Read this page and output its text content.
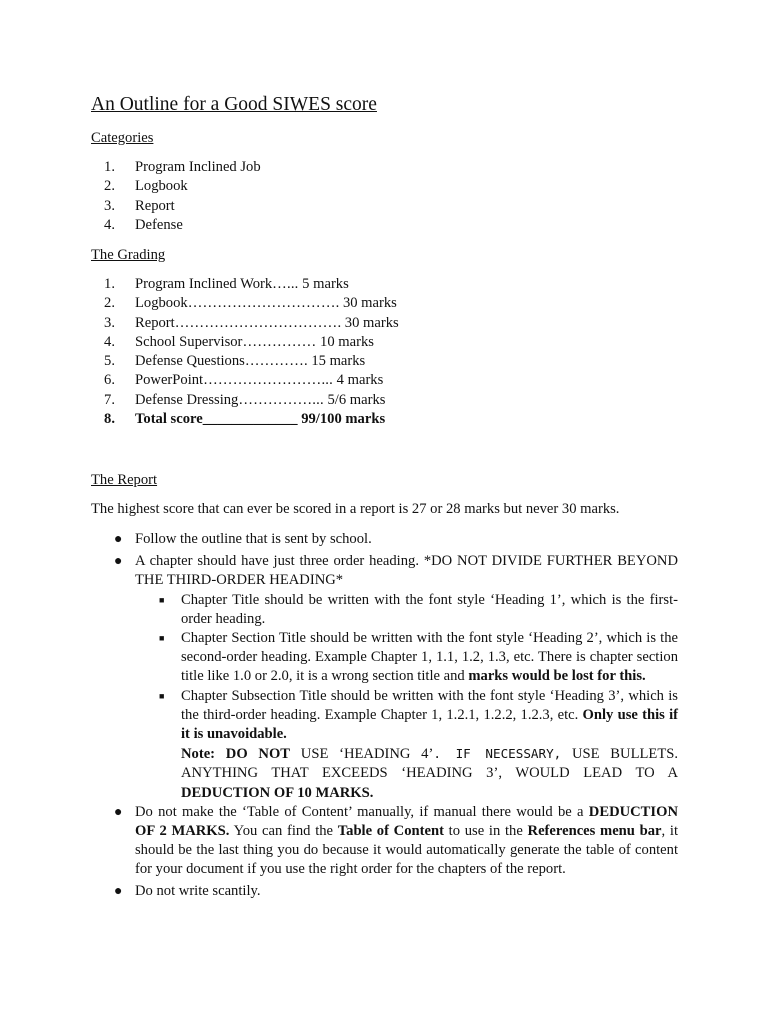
An Outline for a Good SIWES score
Categories
1. Program Inclined Job
2. Logbook
3. Report
4. Defense
The Grading
1. Program Inclined Work…... 5 marks
2. Logbook…………………………. 30 marks
3. Report……………………………. 30 marks
4. School Supervisor…………… 10 marks
5. Defense Questions…………. 15 marks
6. PowerPoint……………………... 4 marks
7. Defense Dressing……………... 5/6 marks
8. Total score_____________ 99/100 marks
The Report
The highest score that can ever be scored in a report is 27 or 28 marks but never 30 marks.
● Follow the outline that is sent by school.
● A chapter should have just three order heading. *DO NOT DIVIDE FURTHER BEYOND THE THIRD-ORDER HEADING*
■ Chapter Title should be written with the font style ‘Heading 1’, which is the first-order heading.
■ Chapter Section Title should be written with the font style ‘Heading 2’, which is the second-order heading. Example Chapter 1, 1.1, 1.2, 1.3, etc. There is chapter section title like 1.0 or 2.0, it is a wrong section title and marks would be lost for this.
■ Chapter Subsection Title should be written with the font style ‘Heading 3’, which is the third-order heading. Example Chapter 1, 1.2.1, 1.2.2, 1.2.3, etc. Only use this if it is unavoidable.
Note: DO NOT USE ‘HEADING 4’. IF NECESSARY, USE BULLETS. ANYTHING THAT EXCEEDS ‘HEADING 3’, WOULD LEAD TO A DEDUCTION OF 10 MARKS.
● Do not make the ‘Table of Content’ manually, if manual there would be a DEDUCTION OF 2 MARKS. You can find the Table of Content to use in the References menu bar, it should be the last thing you do because it would automatically generate the table of content for your document if you use the right order for the chapters of the report.
● Do not write scantily.
